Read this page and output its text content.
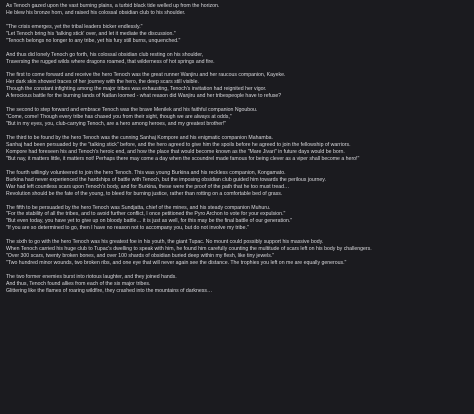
As Tenoch gazed upon the vast burning plains, a turbid black tide welled up from the horizon.
He blew his bronze horn, and raised his colossal obsidian club to his shoulder.
"The crisis emerges, yet the tribal leaders bicker endlessly."
"Let Tenoch bring his 'talking stick' over, and let it mediate the discussion."
"Tenoch belongs no longer to any tribe, yet his fury still burns, unquenched."
And thus did lonely Tenoch go forth, his colossal obsidian club resting on his shoulder,
Traversing the rugged wilds where dragons roamed, that wilderness of hot springs and fire.
The first to come forward and receive the hero Tenoch was the great runner Wanjiru and her raucous companion, Kayeke.
Her dark skin showed traces of her journey with the hero, the deep scars still visible.
Though the constant infighting among the major tribes was exhausting, Tenoch's invitation had reignited her vigor.
A ferocious battle for the burning lands of Natlan loomed - what reason did Wanjiru and her tribespeople have to refuse?
The second to step forward and embrace Tenoch was the brave Menilek and his faithful companion Ngoubou.
"Come, come! Though every tribe has chased you from their sight, though we are always at odds,"
"But in my eyes, you, club-carrying Tenoch, are a hero among heroes, and my greatest brother!"
The third to be found by the hero Tenoch was the cunning Sanhaj Kompore and his enigmatic companion Mahamba.
Sanhaj had been persuaded by the "talking stick" before, and the hero agreed to give him the spoils before he agreed to join the fellowship of warriors.
Kompore had foreseen his and Tenoch's heroic end, and how the place that would become known as the "Mare Jivari" in future days would be born.
"But nay, it matters little, it matters not! Perhaps there may come a day when the scoundrel made famous for being clever as a viper shall become a hero!"
The fourth willingly volunteered to join the hero Tenoch. This was young Burkina and his reckless companion, Kongamato.
Burkina had never experienced the hardships of battle with Tenoch, but the imposing obsidian club guided him towards the perilous journey.
War had left countless scars upon Tenoch's body, and for Burkina, these were the proof of the path that he too must tread…
Revolution should be the fate of the young, to bleed for burning justice, rather than rotting on a comfortable bed of grass.
The fifth to be persuaded by the hero Tenoch was Sundjatta, chief of the mines, and his steady companion Muhuru.
"For the stability of all the tribes, and to avoid further conflict, I once petitioned the Pyro Archon to vote for your expulsion."
"But even today, you have yet to give up on bloody battle… it is just as well, for this may be the final battle of our generation."
"If you are so determined to go, then I have no reason not to accompany you, but do not involve my tribe."
The sixth to go with the hero Tenoch was his greatest foe in his youth, the giant Tupac. No mount could possibly support his massive body.
When Tenoch carried his huge club to Tupac's dwelling to speak with him, he found him carefully counting the multitude of scars left on his body by challengers.
"Over 300 scars, twenty broken bones, and over 100 shards of obsidian buried deep within my flesh, like tiny jewels."
"Two hundred minor wounds, two broken ribs, and one eye that will never again see the distance. The trophies you left on me are equally generous."
The two former enemies burst into riotous laughter, and they joined hands.
And thus, Tenoch found allies from each of the six major tribes.
Glittering like the flames of roaring wildfire, they crashed into the mountains of darkness…
